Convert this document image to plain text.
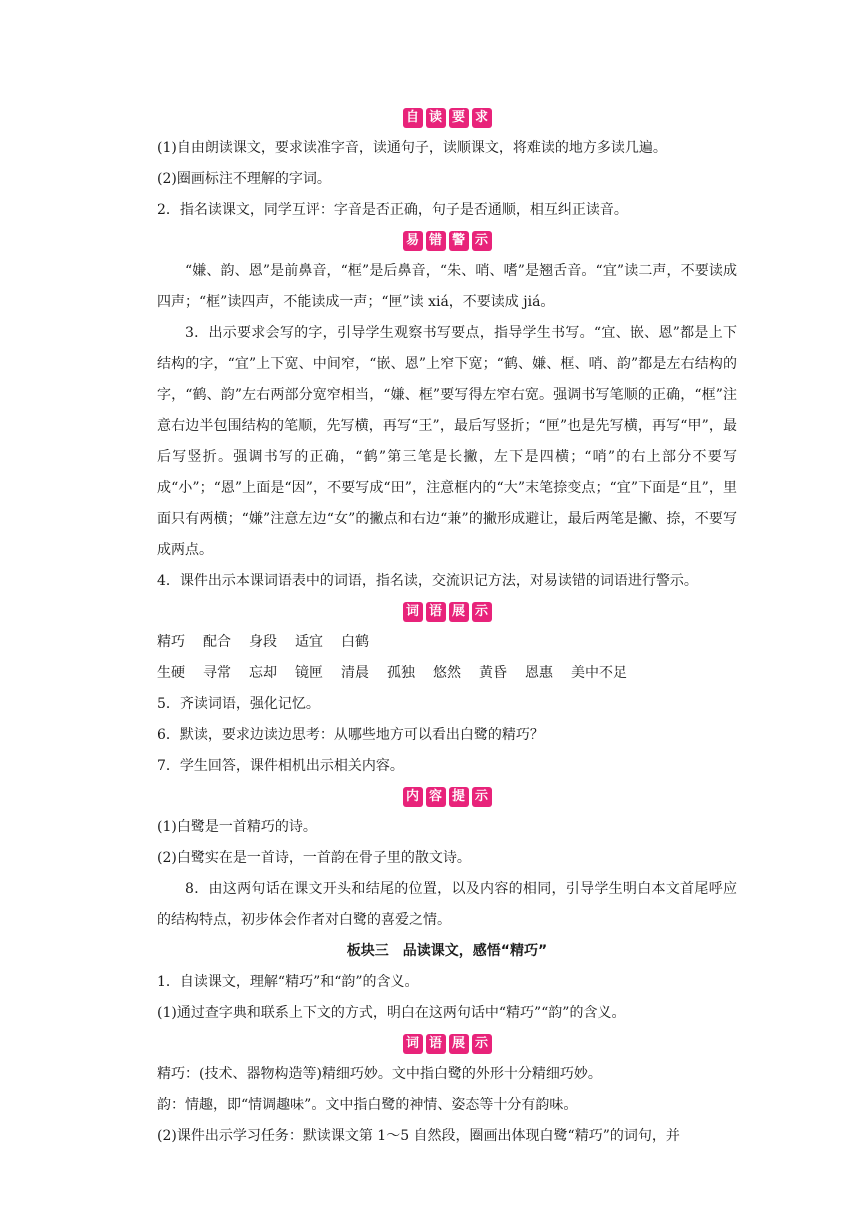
自 读 要 求
(1)自由朗读课文，要求读准字音，读通句子，读顺课文，将难读的地方多读几遍。
(2)圈画标注不理解的字词。
2．指名读课文，同学互评：字音是否正确，句子是否通顺，相互纠正读音。
易 错 警 示

“嫌、韵、恩”是前鼻音，“框”是后鼻音，“朱、哨、嗜”是翘舌音。“宜”读二声，不要读成四声；“框”读四声，不能读成一声；“匣”读 xiá，不要读成 jiá。

3．出示要求会写的字，引导学生观察书写要点，指导学生书写。“宜、嵌、恩”都是上下结构的字，“宜”上下宽、中间窄，“嵌、恩”上窄下宽；“鹤、嫌、框、哨、韵”都是左右结构的字，“鹤、韵”左右两部分宽窄相当，“嫌、框”要写得左窄右宽。强调书写笔顺的正确，“框”注意右边半包围结构的笔顺，先写横，再写“王”，最后写竖折；“匣”也是先写横，再写“甲”，最后写竖折。强调书写的正确，“鹤”第三笔是长撇，左下是四横；“哨”的右上部分不要写成“小”；“恩”上面是“因”，不要写成“田”，注意框内的“大”末笔捺变点；“宜”下面是“且”，里面只有两横；“嫌”注意左边“女”的撇点和右边“兼”的撇形成避让，最后两笔是撇、捺，不要写成两点。

4．课件出示本课词语表中的词语，指名读，交流识记方法，对易读错的词语进行警示。
词 语 展 示
精巧 配合 身段 适宜 白鹤
生硬 寻常 忘却 镜匣 清晨 孤独 悠然 黄昏 恩惠 美中不足
5．齐读词语，强化记忆。
6．默读，要求边读边思考：从哪些地方可以看出白鹭的精巧？
7．学生回答，课件相机出示相关内容。
内 容 提 示
(1)白鹭是一首精巧的诗。
(2)白鹭实在是一首诗，一首韵在骨子里的散文诗。

8．由这两句话在课文开头和结尾的位置，以及内容的相同，引导学生明白本文首尾呼应的结构特点，初步体会作者对白鹭的喜爱之情。

板块三　品读课文，感悟“精巧”
1．自读课文，理解“精巧”和“韵”的含义。
(1)通过查字典和联系上下文的方式，明白在这两句话中“精巧”“韵”的含义。
词 语 展 示
精巧：(技术、器物构造等)精细巧妙。文中指白鹭的外形十分精细巧妙。
韵：情趣，即“情调趣味”。文中指白鹭的神情、姿态等十分有韵味。
(2)课件出示学习任务：默读课文第 1～5 自然段，圈画出体现白鹭“精巧”的词句，并
